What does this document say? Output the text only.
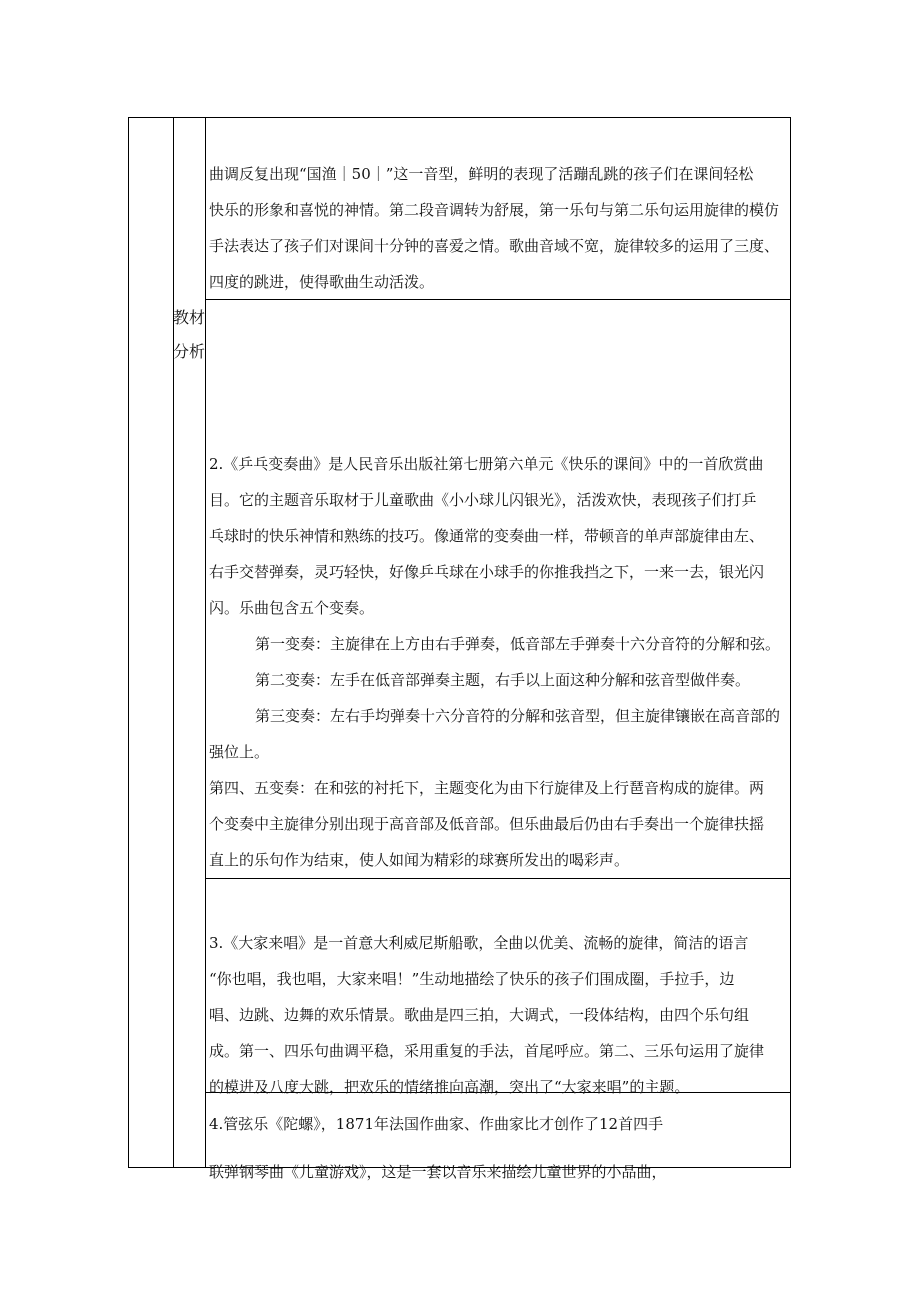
教材
分析

曲调反复出现“国渔｜50｜”这一音型，鲜明的表现了活蹦乱跳的孩子们在课间轻松

快乐的形象和喜悦的神情。第二段音调转为舒展，第一乐句与第二乐句运用旋律的模仿

手法表达了孩子们对课间十分钟的喜爱之情。歌曲音域不宽，旋律较多的运用了三度、

四度的跳进，使得歌曲生动活泼。

2.《乒乓变奏曲》是人民音乐出版社第七册第六单元《快乐的课间》中的一首欣赏曲

目。它的主题音乐取材于儿童歌曲《小小球儿闪银光》，活泼欢快，表现孩子们打乒

乓球时的快乐神情和熟练的技巧。像通常的变奏曲一样，带顿音的单声部旋律由左、

右手交替弹奏，灵巧轻快，好像乒乓球在小球手的你推我挡之下，一来一去，银光闪

闪。乐曲包含五个变奏。

第一变奏：主旋律在上方由右手弹奏，低音部左手弹奏十六分音符的分解和弦。

第二变奏：左手在低音部弹奏主题，右手以上面这种分解和弦音型做伴奏。

第三变奏：左右手均弹奏十六分音符的分解和弦音型，但主旋律镶嵌在高音部的

强位上。

第四、五变奏：在和弦的衬托下，主题变化为由下行旋律及上行琶音构成的旋律。两

个变奏中主旋律分别出现于高音部及低音部。但乐曲最后仍由右手奏出一个旋律扶摇

直上的乐句作为结束，使人如闻为精彩的球赛所发出的喝彩声。

3.《大家来唱》是一首意大利威尼斯船歌，全曲以优美、流畅的旋律，简洁的语言

“你也唱，我也唱，大家来唱！”生动地描绘了快乐的孩子们围成圈，手拉手，边

唱、边跳、边舞的欢乐情景。歌曲是四三拍，大调式，一段体结构，由四个乐句组

成。第一、四乐句曲调平稳，采用重复的手法，首尾呼应。第二、三乐句运用了旋律

的模进及八度大跳，把欢乐的情绪推向高潮，突出了“大家来唱”的主题。

4.管弦乐《陀螺》，1871年法国作曲家、作曲家比才创作了12首四手

联弹钢琴曲《儿童游戏》，这是一套以音乐来描绘儿童世界的小品曲，
